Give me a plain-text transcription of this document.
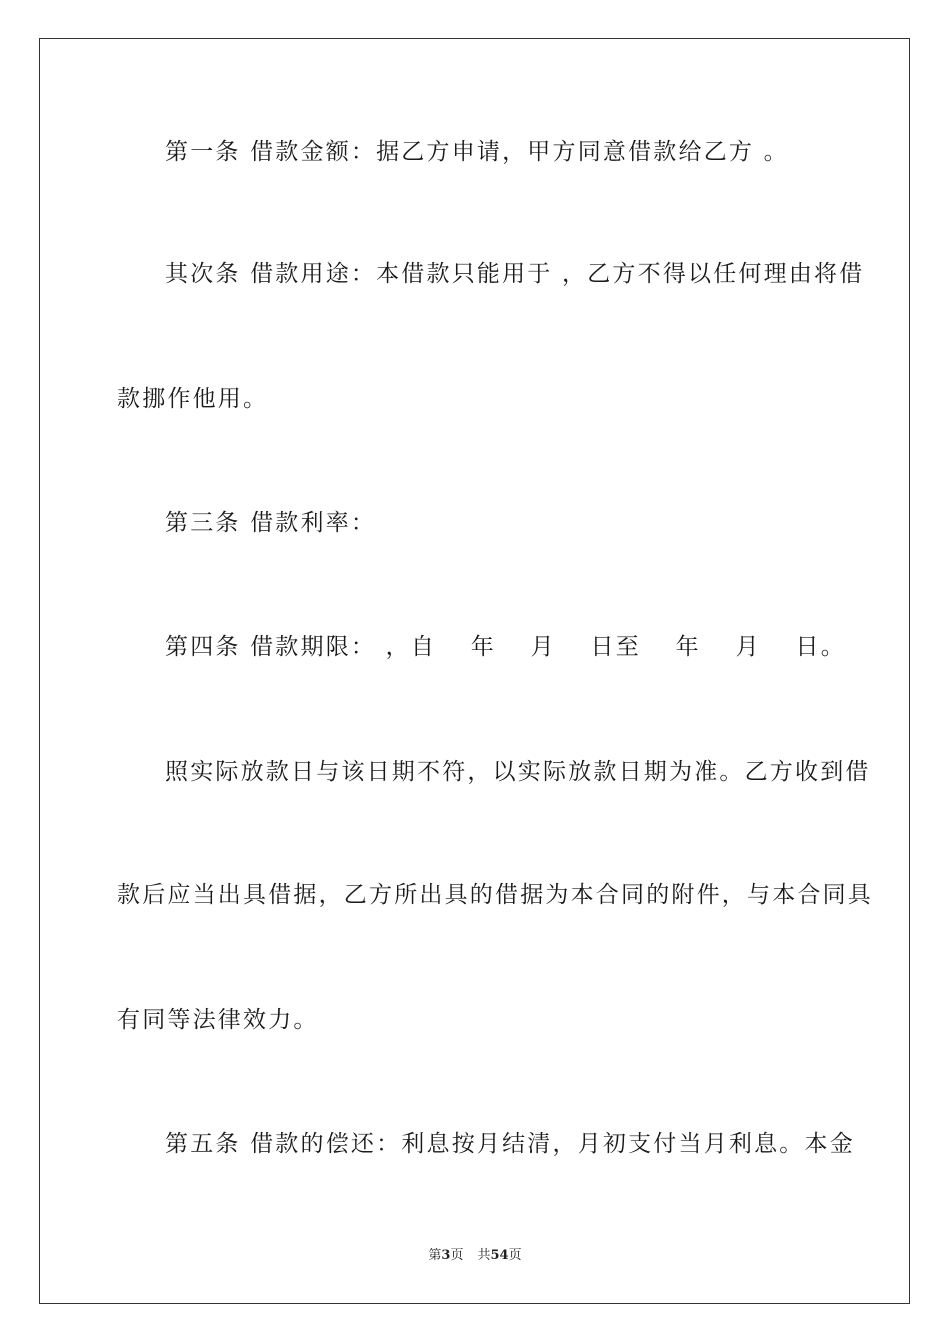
第一条 借款金额：据乙方申请，甲方同意借款给乙方 。
其次条 借款用途：本借款只能用于 ，乙方不得以任何理由将借
款挪作他用。
第三条 借款利率：
第四条 借款期限： ，自　 年　 月　 日至　 年　 月　 日。
照实际放款日与该日期不符，以实际放款日期为准。乙方收到借
款后应当出具借据，乙方所出具的借据为本合同的附件，与本合同具
有同等法律效力。
第五条 借款的偿还：利息按月结清，月初支付当月利息。本金
第3页 共54页
